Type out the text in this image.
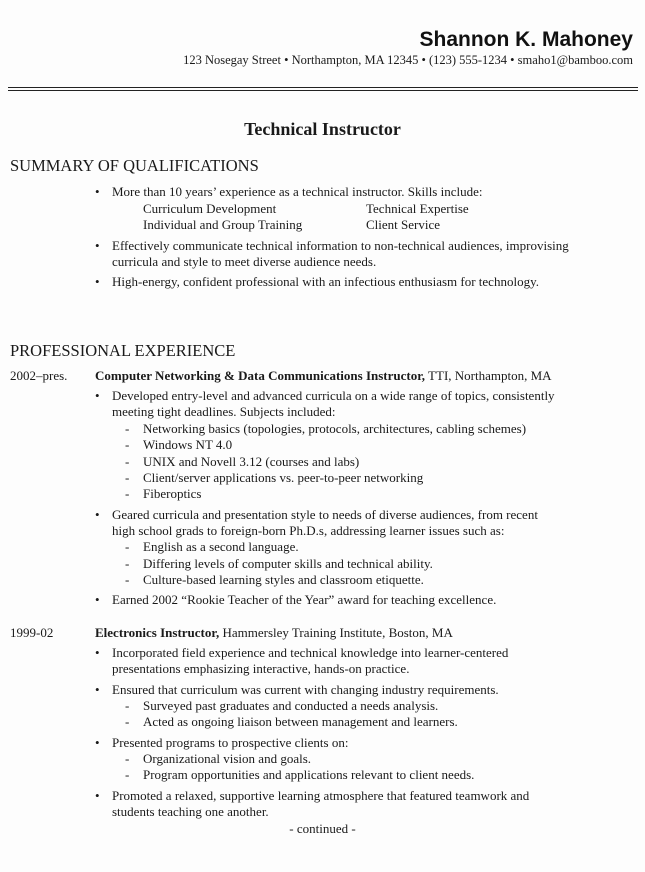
Shannon K. Mahoney
123 Nosegay Street • Northampton, MA 12345 • (123) 555-1234 • smaho1@bamboo.com
Technical Instructor
SUMMARY OF QUALIFICATIONS
• More than 10 years’ experience as a technical instructor. Skills include:
Curriculum Development	Technical Expertise
Individual and Group Training	Client Service
• Effectively communicate technical information to non-technical audiences, improvising
curricula and style to meet diverse audience needs.
• High-energy, confident professional with an infectious enthusiasm for technology.
PROFESSIONAL EXPERIENCE
2002–pres. Computer Networking & Data Communications Instructor, TTI, Northampton, MA
• Developed entry-level and advanced curricula on a wide range of topics, consistently
meeting tight deadlines. Subjects included:
- Networking basics (topologies, protocols, architectures, cabling schemes)
- Windows NT 4.0
- UNIX and Novell 3.12 (courses and labs)
- Client/server applications vs. peer-to-peer networking
- Fiberoptics
• Geared curricula and presentation style to needs of diverse audiences, from recent
high school grads to foreign-born Ph.D.s, addressing learner issues such as:
- English as a second language.
- Differing levels of computer skills and technical ability.
- Culture-based learning styles and classroom etiquette.
• Earned 2002 “Rookie Teacher of the Year” award for teaching excellence.
1999-02	Electronics Instructor, Hammersley Training Institute, Boston, MA
• Incorporated field experience and technical knowledge into learner-centered
presentations emphasizing interactive, hands-on practice.
• Ensured that curriculum was current with changing industry requirements.
- Surveyed past graduates and conducted a needs analysis.
- Acted as ongoing liaison between management and learners.
• Presented programs to prospective clients on:
- Organizational vision and goals.
- Program opportunities and applications relevant to client needs.
• Promoted a relaxed, supportive learning atmosphere that featured teamwork and
students teaching one another.
- continued -
